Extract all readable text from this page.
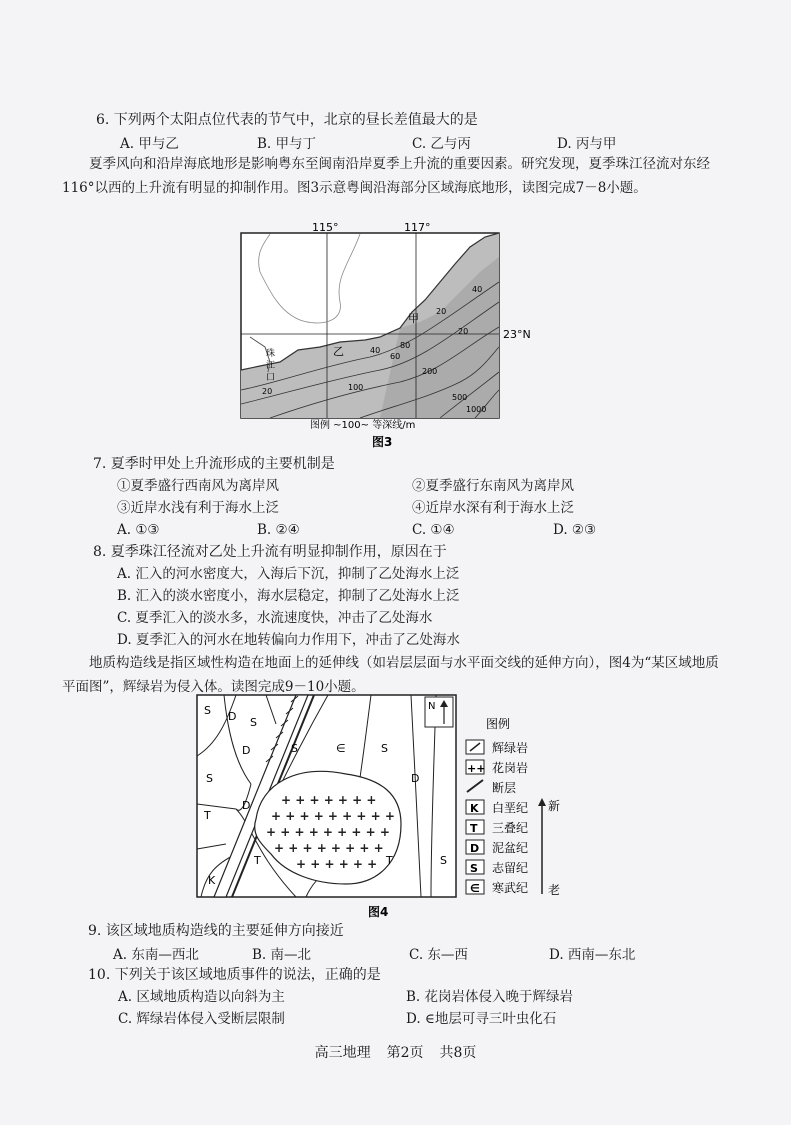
6. 下列两个太阳点位代表的节气中，北京的昼长差值最大的是
A. 甲与乙	B. 甲与丁	C. 乙与丙	D. 丙与甲
夏季风向和沿岸海底地形是影响粤东至闽南沿岸夏季上升流的重要因素。研究发现，夏季珠江径流对东经116°以西的上升流有明显的抑制作用。图3示意粤闽沿海部分区域海底地形，读图完成7－8小题。
115°	117°
23°N
甲
乙
珠
江
口
20
40
60
80
100
200
500
1000
20
40
20
图例 ~100~ 等深线/m
图3
7. 夏季时甲处上升流形成的主要机制是
①夏季盛行西南风为离岸风	②夏季盛行东南风为离岸风
③近岸水浅有利于海水上泛	④近岸水深有利于海水上泛
A. ①③	B. ②④	C. ①④	D. ②③
8. 夏季珠江径流对乙处上升流有明显抑制作用，原因在于
A. 汇入的河水密度大，入海后下沉，抑制了乙处海水上泛
B. 汇入的淡水密度小，海水层稳定，抑制了乙处海水上泛
C. 夏季汇入的淡水多，水流速度快，冲击了乙处海水
D. 夏季汇入的河水在地转偏向力作用下，冲击了乙处海水
地质构造线是指区域性构造在地面上的延伸线（如岩层层面与水平面交线的延伸方向），图4为“某区域地质平面图”，辉绿岩为侵入体。读图完成9－10小题。
+ + + + + + +
+ + + + + + + + +
+ + + + + + + + +
+ + + + + + + +
+ + + + + +
S D S
D	S	∈	S
D
S
D
T
T
K
S
T
N
图例
辉绿岩
++ 花岗岩
断层
K 白垩纪
T 三叠纪
D 泥盆纪
S 志留纪
∈ 寒武纪
新
老
图4
9. 该区域地质构造线的主要延伸方向接近
A. 东南—西北	B. 南—北	C. 东—西	D. 西南—东北
10. 下列关于该区域地质事件的说法，正确的是
A. 区域地质构造以向斜为主	B. 花岗岩体侵入晚于辉绿岩
C. 辉绿岩体侵入受断层限制	D. ∈地层可寻三叶虫化石
高三地理 第2页 共8页
